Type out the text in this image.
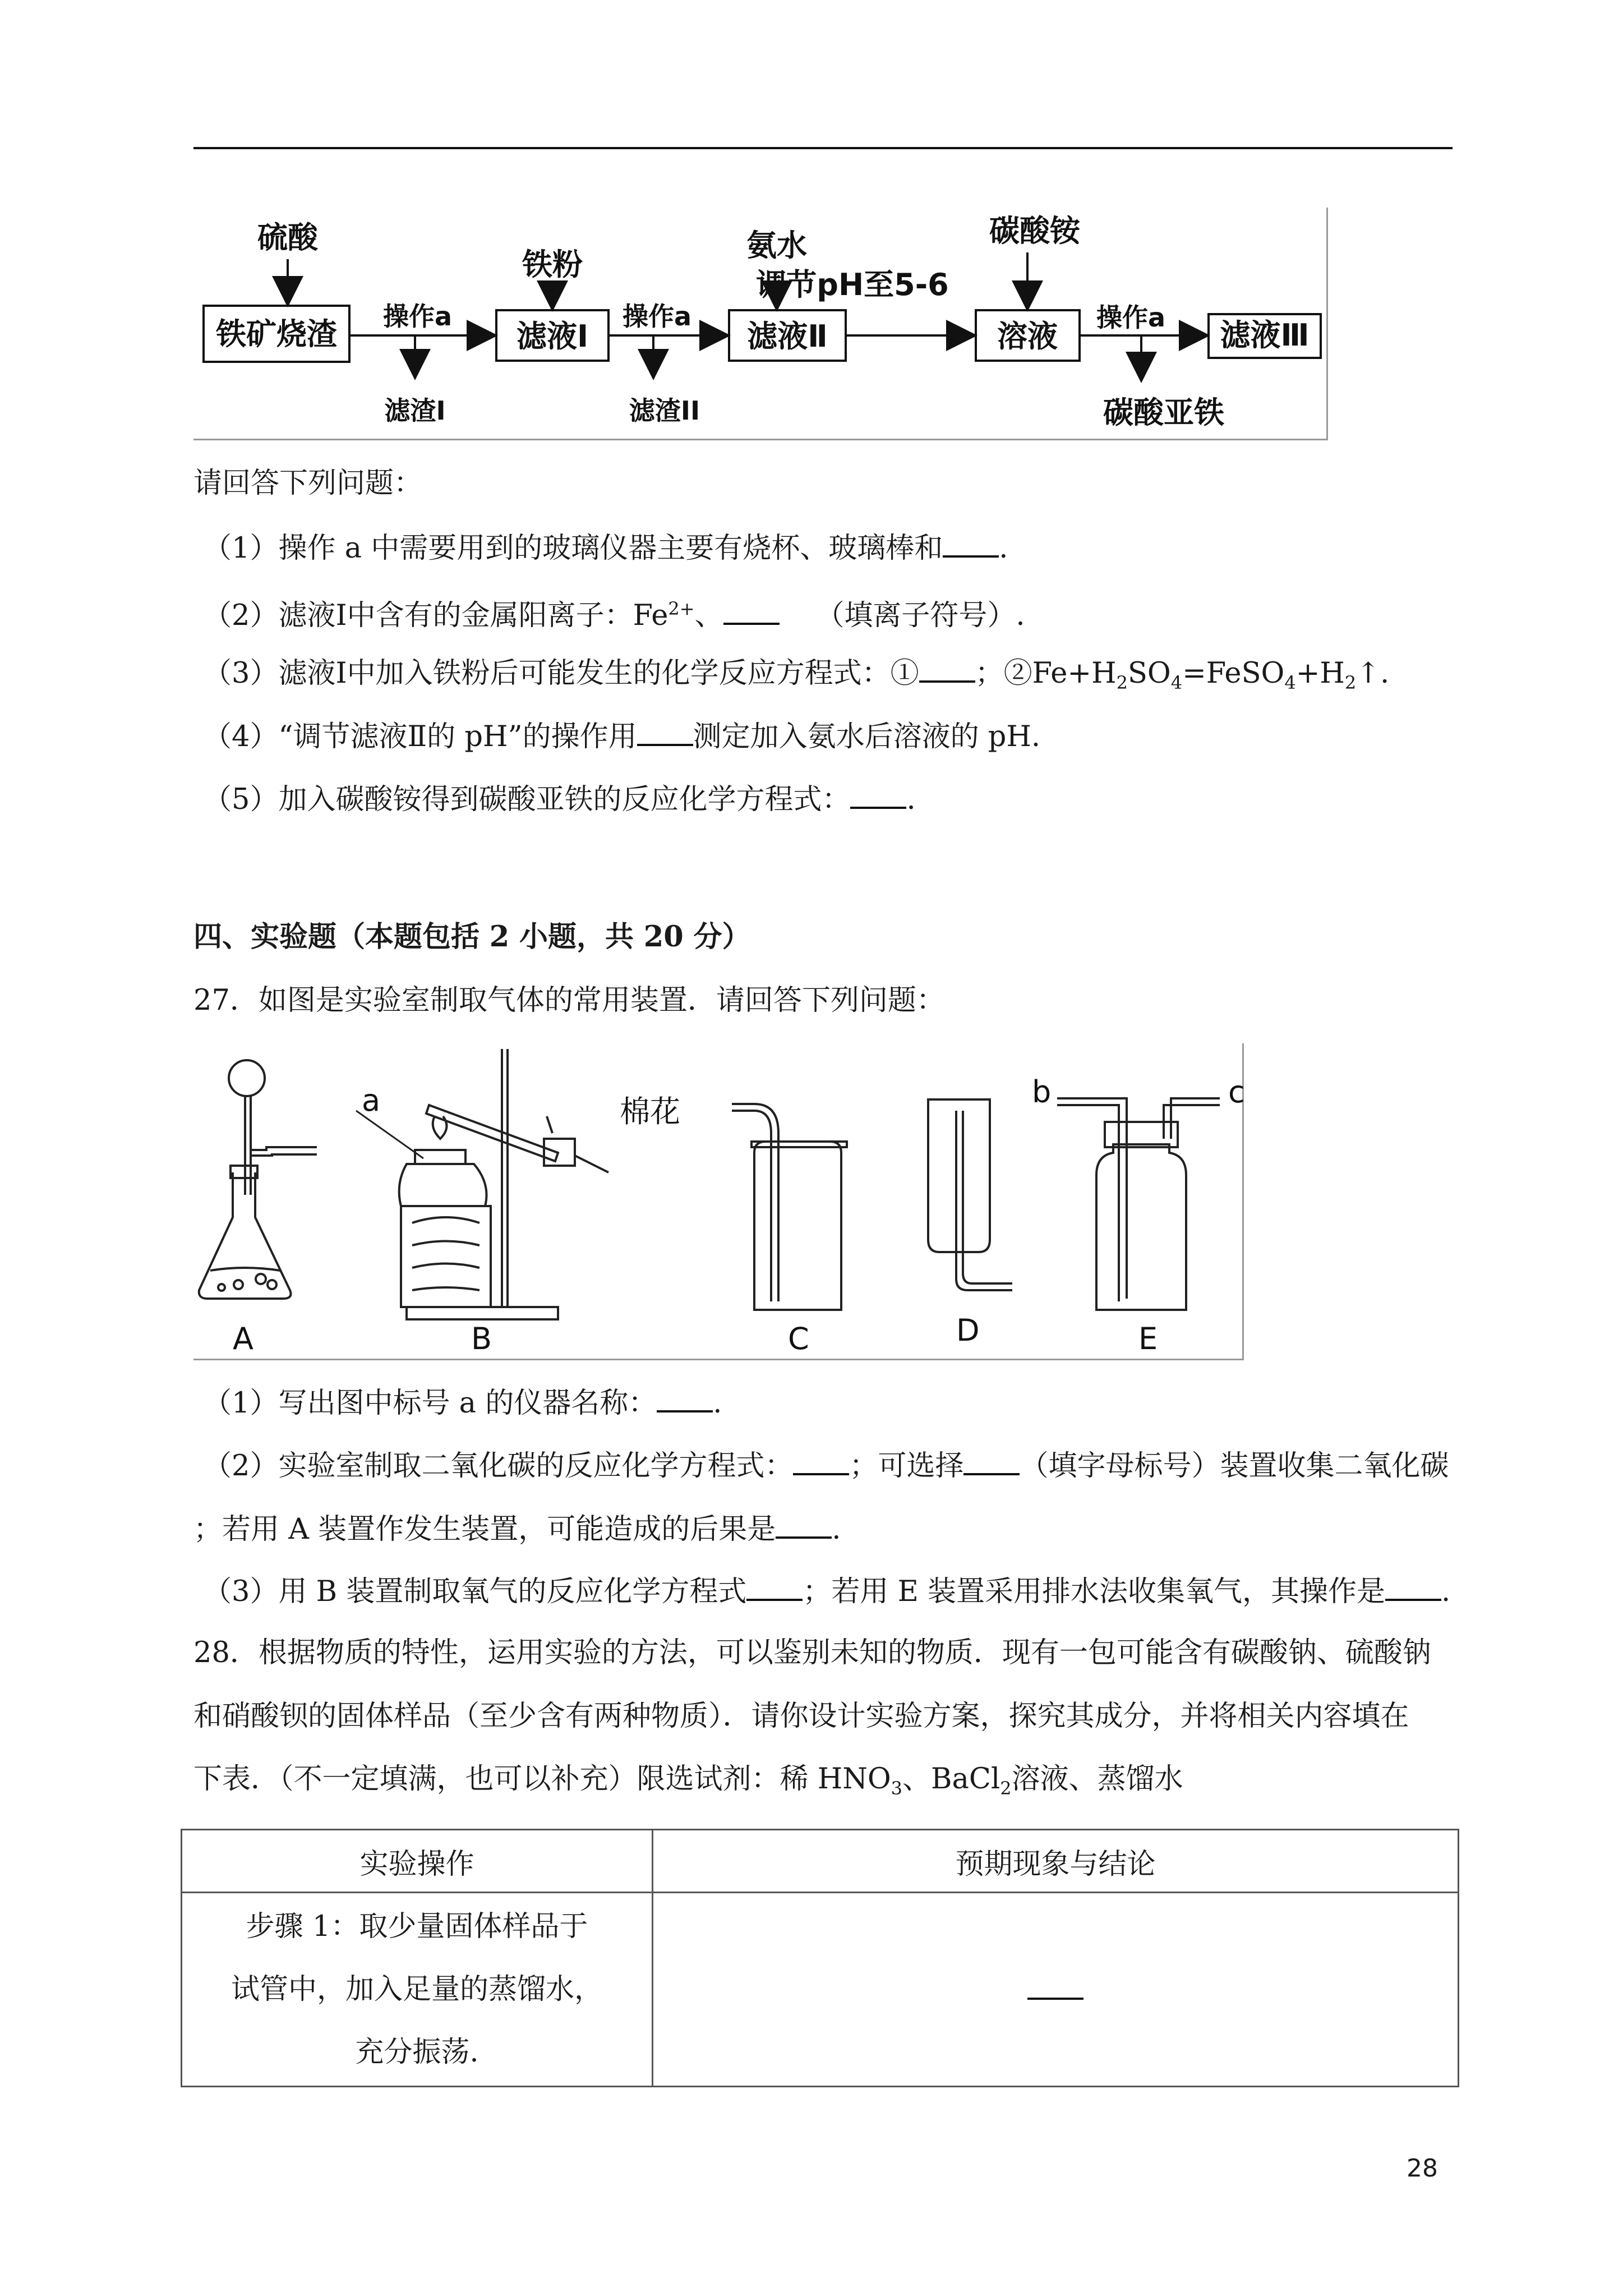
铁矿烧渣	滤液Ⅰ	滤液Ⅱ	溶液	滤液Ⅲ
硫酸
铁粉
氨水
调节pH至5-6
碳酸铵
操作a	操作a	操作a
滤渣I	滤渣II	碳酸亚铁
请回答下列问题：
（1）操作 a 中需要用到的玻璃仪器主要有烧杯、玻璃棒和 .
（2）滤液Ⅰ中含有的金属阳离子：$Fe^{2+}$、	（填离子符号）.
（3）滤液Ⅰ中加入铁粉后可能发生的化学反应方程式：① ；$②Fe+H_2SO_4=FeSO_4+H_2↑$.
（4）“调节滤液Ⅱ的 pH”的操作用 测定加入氨水后溶液的 pH.
（5）加入碳酸铵得到碳酸亚铁的反应化学方程式： .
四、实验题（本题包括 2 小题，共 20 分）
27．如图是实验室制取气体的常用装置．请回答下列问题：
a	棉花
b	c
A	B	C	D	E
（1）写出图中标号 a 的仪器名称： .
（2）实验室制取二氧化碳的反应化学方程式： ；可选择 （填字母标号）装置收集二氧化碳
；若用 A 装置作发生装置，可能造成的后果是 .
（3）用 B 装置制取氧气的反应化学方程式 ；若用 E 装置采用排水法收集氧气，其操作是 .
28．根据物质的特性，运用实验的方法，可以鉴别未知的物质．现有一包可能含有碳酸钠、硫酸钠
和硝酸钡的固体样品（至少含有两种物质）．请你设计实验方案，探究其成分，并将相关内容填在
下表．（不一定填满，也可以补充）限选试剂：稀 $HNO_3$、BaCl$_2$溶液、蒸馏水
实验操作	预期现象与结论

步骤 1：取少量固体样品于
试管中，加入足量的蒸馏水，
充分振荡.	

28
